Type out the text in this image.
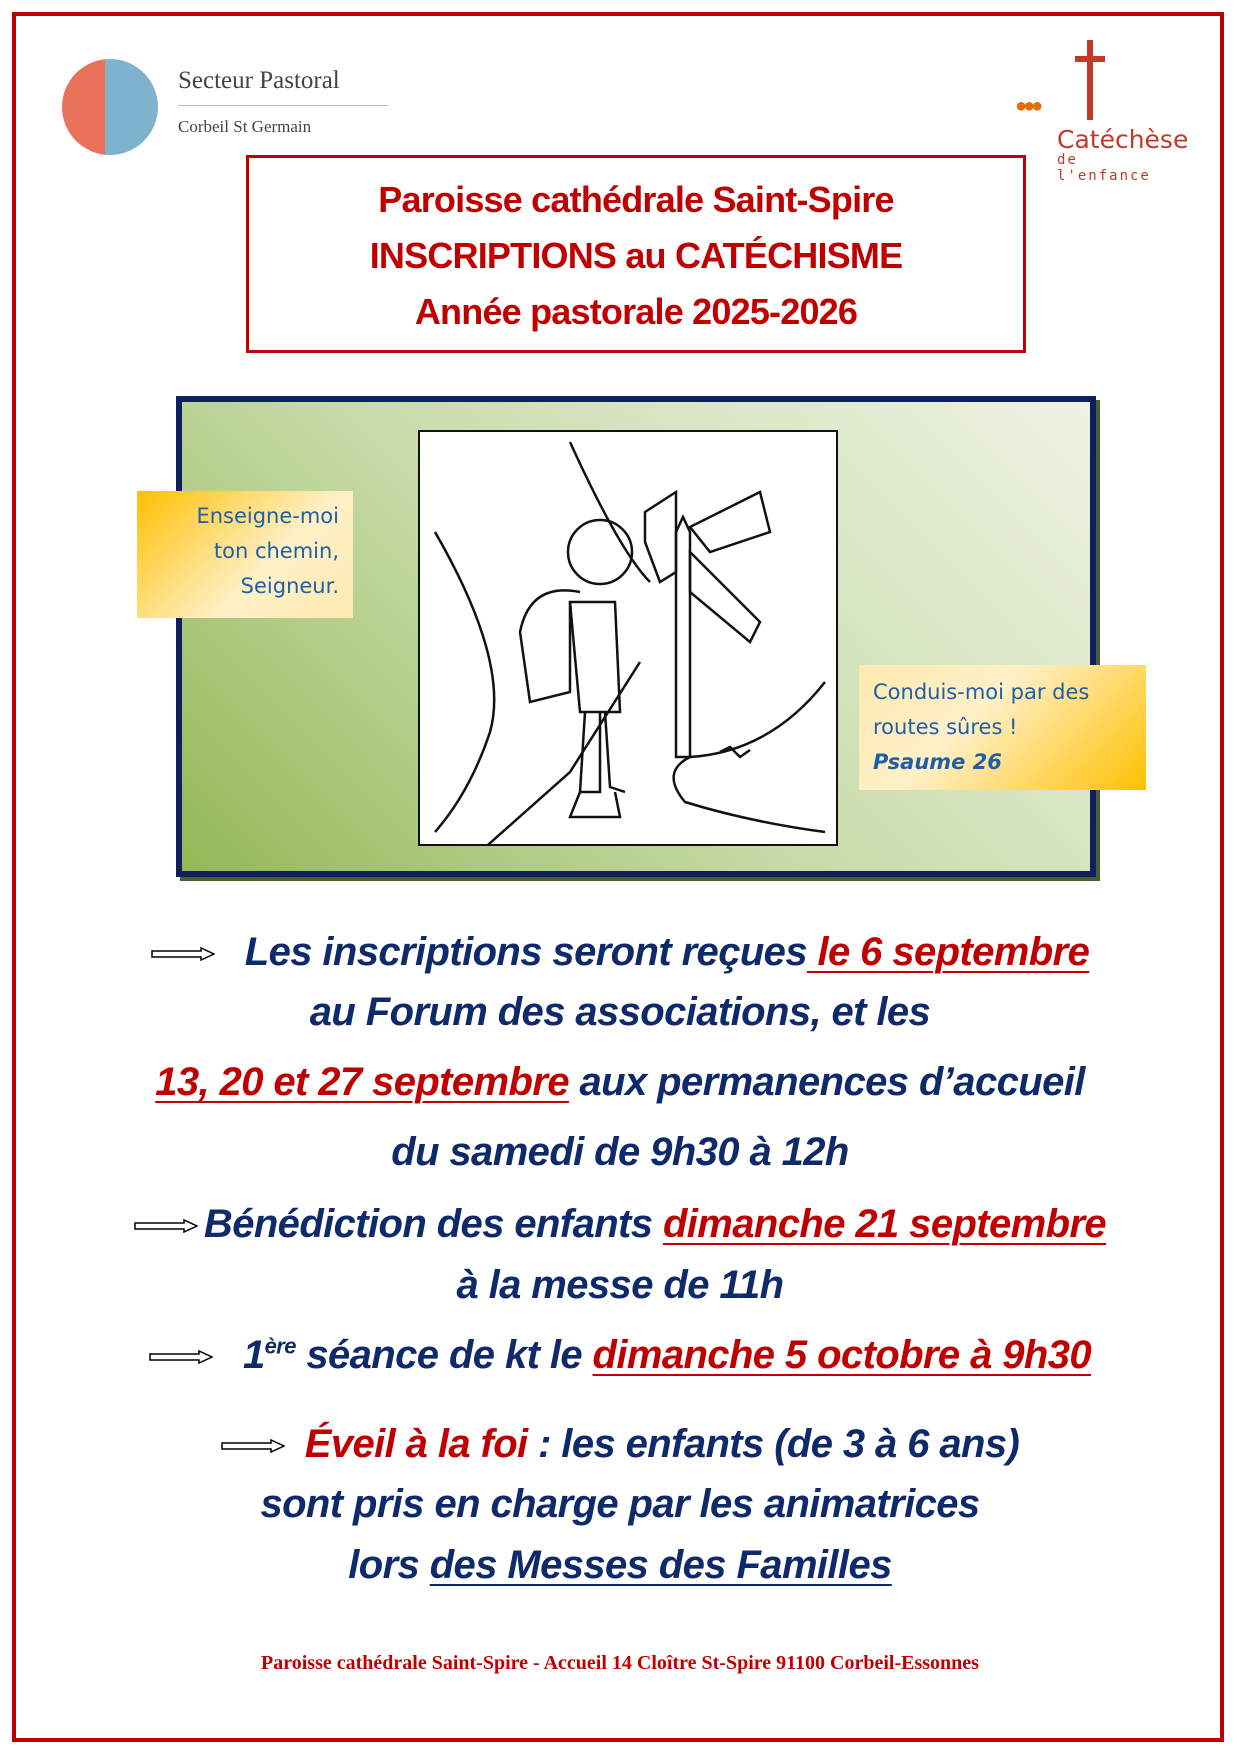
Secteur Pastoral
Corbeil St Germain
●●●
Catéchèse
de l'enfance
Paroisse cathédrale Saint-Spire
INSCRIPTIONS au CATÉCHISME
Année pastorale 2025-2026
Enseigne-moi
ton chemin,
Seigneur.
Conduis-moi par des
routes sûres !
Psaume 26
Les inscriptions seront reçues le 6 septembre
au Forum des associations, et les
13, 20 et 27 septembre aux permanences d’accueil
du samedi de 9h30 à 12h
Bénédiction des enfants dimanche 21 septembre
à la messe de 11h
1ère séance de kt le dimanche 5 octobre à 9h30
Éveil à la foi : les enfants (de 3 à 6 ans)
sont pris en charge par les animatrices
lors des Messes des Familles
Paroisse cathédrale Saint-Spire - Accueil 14 Cloître St-Spire 91100 Corbeil-Essonnes
